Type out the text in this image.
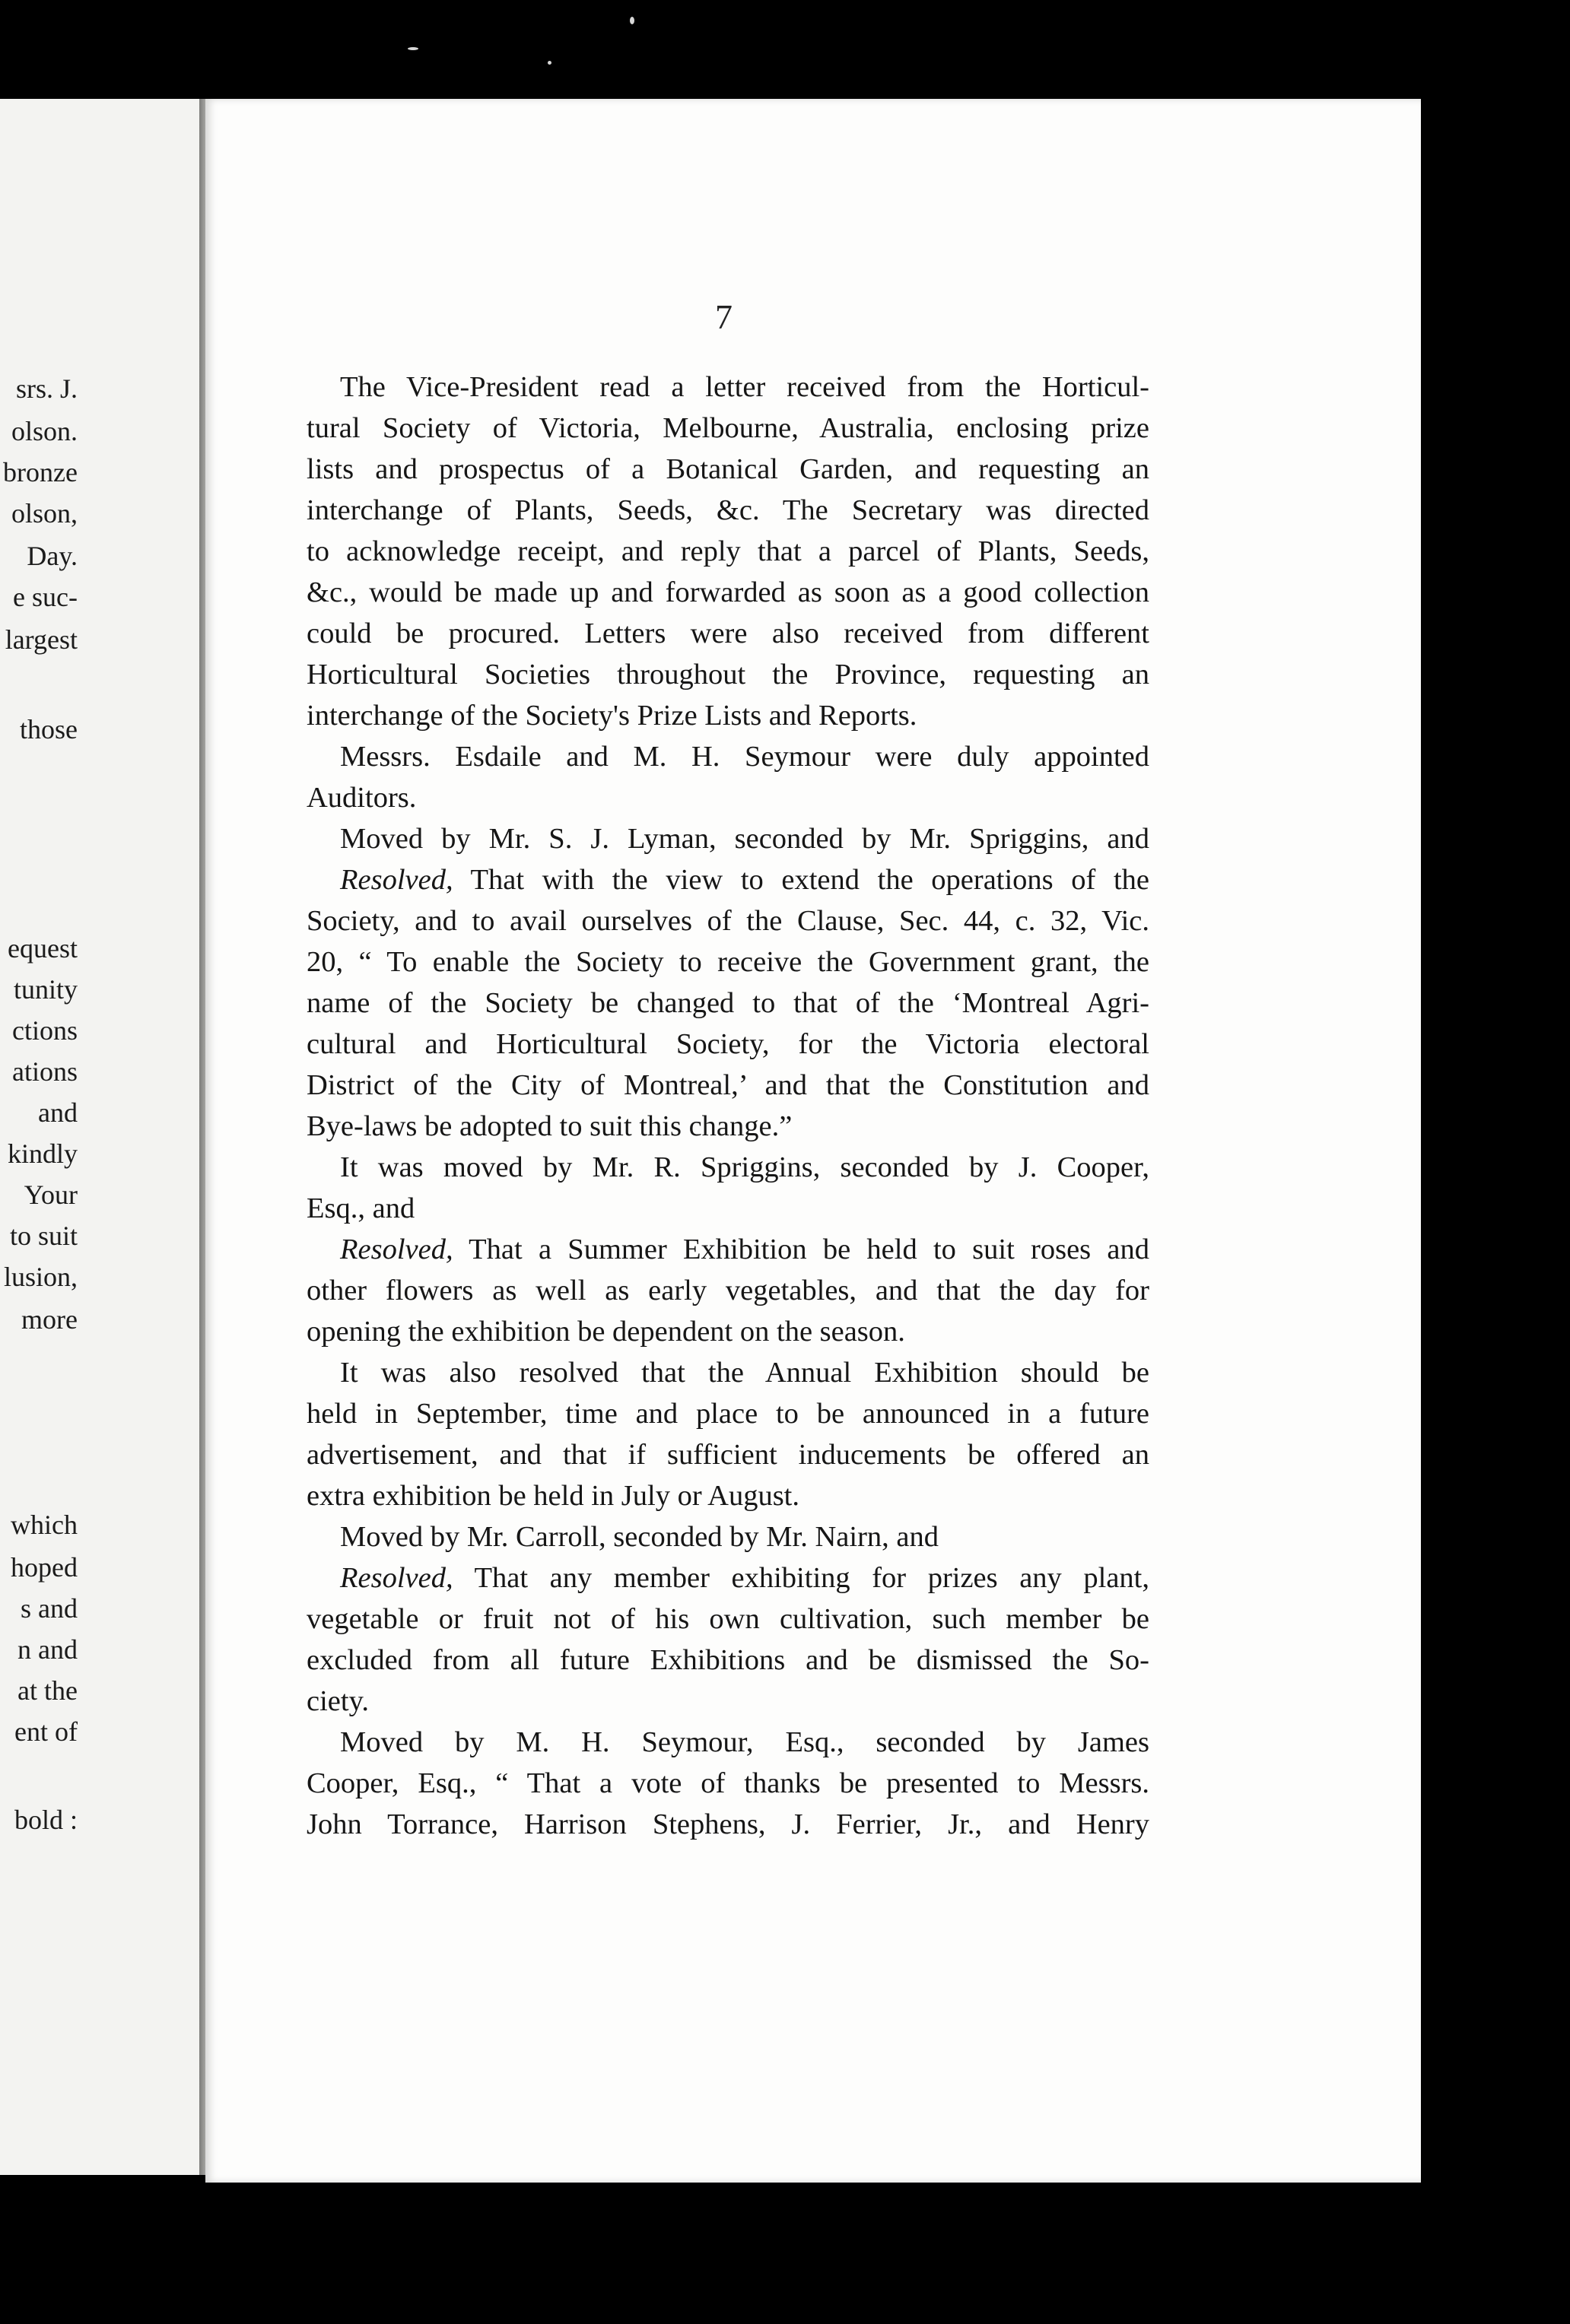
srs. J.
olson.
bronze
olson,
Day.
e suc-
largest
those
equest
tunity
ctions
ations
and
kindly
Your
to suit
lusion,
more
which
hoped
s and
n and
at the
ent of
bold :
7
The Vice-President read a letter received from the Horticul-
tural Society of Victoria, Melbourne, Australia, enclosing prize
lists and prospectus of a Botanical Garden, and requesting an
interchange of Plants, Seeds, &c. The Secretary was directed
to acknowledge receipt, and reply that a parcel of Plants, Seeds,
&c., would be made up and forwarded as soon as a good collection
could be procured. Letters were also received from different
Horticultural Societies throughout the Province, requesting an
interchange of the Society's Prize Lists and Reports.
Messrs. Esdaile and M. H. Seymour were duly appointed
Auditors.
Moved by Mr. S. J. Lyman, seconded by Mr. Spriggins, and
Resolved, That with the view to extend the operations of the
Society, and to avail ourselves of the Clause, Sec. 44, c. 32, Vic.
20, “ To enable the Society to receive the Government grant, the
name of the Society be changed to that of the ‘Montreal Agri-
cultural and Horticultural Society, for the Victoria electoral
District of the City of Montreal,’ and that the Constitution and
Bye-laws be adopted to suit this change.”
It was moved by Mr. R. Spriggins, seconded by J. Cooper,
Esq., and
Resolved, That a Summer Exhibition be held to suit roses and
other flowers as well as early vegetables, and that the day for
opening the exhibition be dependent on the season.
It was also resolved that the Annual Exhibition should be
held in September, time and place to be announced in a future
advertisement, and that if sufficient inducements be offered an
extra exhibition be held in July or August.
Moved by Mr. Carroll, seconded by Mr. Nairn, and
Resolved, That any member exhibiting for prizes any plant,
vegetable or fruit not of his own cultivation, such member be
excluded from all future Exhibitions and be dismissed the So-
ciety.
Moved by M. H. Seymour, Esq., seconded by James
Cooper, Esq., “ That a vote of thanks be presented to Messrs.
John Torrance, Harrison Stephens, J. Ferrier, Jr., and Henry
